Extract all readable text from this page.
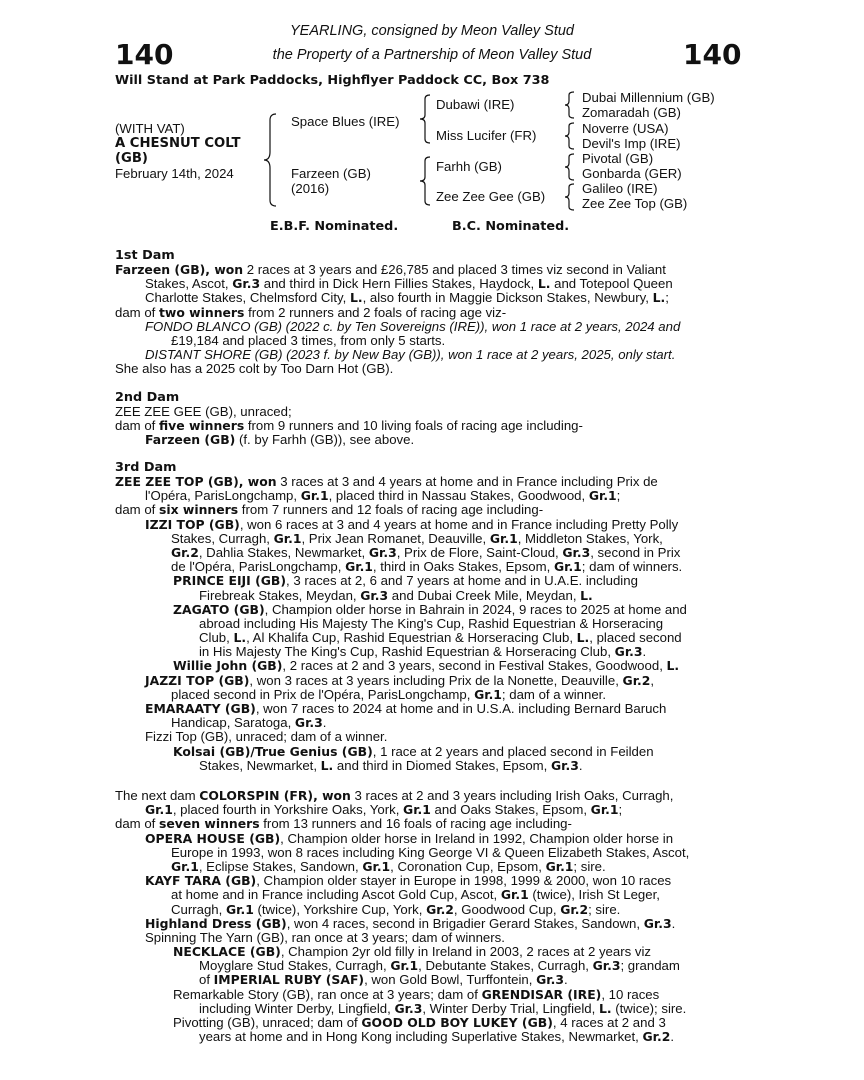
140	140
YEARLING, consigned by Meon Valley Stud
the Property of a Partnership of Meon Valley Stud
Will Stand at Park Paddocks, Highflyer Paddock CC, Box 738
(WITH VAT)
A CHESNUT COLT
(GB)
February 14th, 2024
Space Blues (IRE)
Farzeen (GB)
(2016)
Dubawi (IRE)
Miss Lucifer (FR)
Farhh (GB)
Zee Zee Gee (GB)
Dubai Millennium (GB)
Zomaradah (GB)
Noverre (USA)
Devil's Imp (IRE)
Pivotal (GB)
Gonbarda (GER)
Galileo (IRE)
Zee Zee Top (GB)
E.B.F. Nominated.	B.C. Nominated.
1st Dam
Farzeen (GB), won 2 races at 3 years and £26,785 and placed 3 times viz second in Valiant
Stakes, Ascot, Gr.3 and third in Dick Hern Fillies Stakes, Haydock, L. and Totepool Queen
Charlotte Stakes, Chelmsford City, L., also fourth in Maggie Dickson Stakes, Newbury, L.;
dam of two winners from 2 runners and 2 foals of racing age viz-
FONDO BLANCO (GB) (2022 c. by Ten Sovereigns (IRE)), won 1 race at 2 years, 2024 and
£19,184 and placed 3 times, from only 5 starts.
DISTANT SHORE (GB) (2023 f. by New Bay (GB)), won 1 race at 2 years, 2025, only start.
She also has a 2025 colt by Too Darn Hot (GB).
2nd Dam
ZEE ZEE GEE (GB), unraced;
dam of five winners from 9 runners and 10 living foals of racing age including-
Farzeen (GB) (f. by Farhh (GB)), see above.
3rd Dam
ZEE ZEE TOP (GB), won 3 races at 3 and 4 years at home and in France including Prix de
l'Opéra, ParisLongchamp, Gr.1, placed third in Nassau Stakes, Goodwood, Gr.1;
dam of six winners from 7 runners and 12 foals of racing age including-
IZZI TOP (GB), won 6 races at 3 and 4 years at home and in France including Pretty Polly
Stakes, Curragh, Gr.1, Prix Jean Romanet, Deauville, Gr.1, Middleton Stakes, York,
Gr.2, Dahlia Stakes, Newmarket, Gr.3, Prix de Flore, Saint-Cloud, Gr.3, second in Prix
de l'Opéra, ParisLongchamp, Gr.1, third in Oaks Stakes, Epsom, Gr.1; dam of winners.
PRINCE EIJI (GB), 3 races at 2, 6 and 7 years at home and in U.A.E. including
Firebreak Stakes, Meydan, Gr.3 and Dubai Creek Mile, Meydan, L.
ZAGATO (GB), Champion older horse in Bahrain in 2024, 9 races to 2025 at home and
abroad including His Majesty The King's Cup, Rashid Equestrian & Horseracing
Club, L., Al Khalifa Cup, Rashid Equestrian & Horseracing Club, L., placed second
in His Majesty The King's Cup, Rashid Equestrian & Horseracing Club, Gr.3.
Willie John (GB), 2 races at 2 and 3 years, second in Festival Stakes, Goodwood, L.
JAZZI TOP (GB), won 3 races at 3 years including Prix de la Nonette, Deauville, Gr.2,
placed second in Prix de l'Opéra, ParisLongchamp, Gr.1; dam of a winner.
EMARAATY (GB), won 7 races to 2024 at home and in U.S.A. including Bernard Baruch
Handicap, Saratoga, Gr.3.
Fizzi Top (GB), unraced; dam of a winner.
Kolsai (GB)/True Genius (GB), 1 race at 2 years and placed second in Feilden
Stakes, Newmarket, L. and third in Diomed Stakes, Epsom, Gr.3.
The next dam COLORSPIN (FR), won 3 races at 2 and 3 years including Irish Oaks, Curragh,
Gr.1, placed fourth in Yorkshire Oaks, York, Gr.1 and Oaks Stakes, Epsom, Gr.1;
dam of seven winners from 13 runners and 16 foals of racing age including-
OPERA HOUSE (GB), Champion older horse in Ireland in 1992, Champion older horse in
Europe in 1993, won 8 races including King George VI & Queen Elizabeth Stakes, Ascot,
Gr.1, Eclipse Stakes, Sandown, Gr.1, Coronation Cup, Epsom, Gr.1; sire.
KAYF TARA (GB), Champion older stayer in Europe in 1998, 1999 & 2000, won 10 races
at home and in France including Ascot Gold Cup, Ascot, Gr.1 (twice), Irish St Leger,
Curragh, Gr.1 (twice), Yorkshire Cup, York, Gr.2, Goodwood Cup, Gr.2; sire.
Highland Dress (GB), won 4 races, second in Brigadier Gerard Stakes, Sandown, Gr.3.
Spinning The Yarn (GB), ran once at 3 years; dam of winners.
NECKLACE (GB), Champion 2yr old filly in Ireland in 2003, 2 races at 2 years viz
Moyglare Stud Stakes, Curragh, Gr.1, Debutante Stakes, Curragh, Gr.3; grandam
of IMPERIAL RUBY (SAF), won Gold Bowl, Turffontein, Gr.3.
Remarkable Story (GB), ran once at 3 years; dam of GRENDISAR (IRE), 10 races
including Winter Derby, Lingfield, Gr.3, Winter Derby Trial, Lingfield, L. (twice); sire.
Pivotting (GB), unraced; dam of GOOD OLD BOY LUKEY (GB), 4 races at 2 and 3
years at home and in Hong Kong including Superlative Stakes, Newmarket, Gr.2.
